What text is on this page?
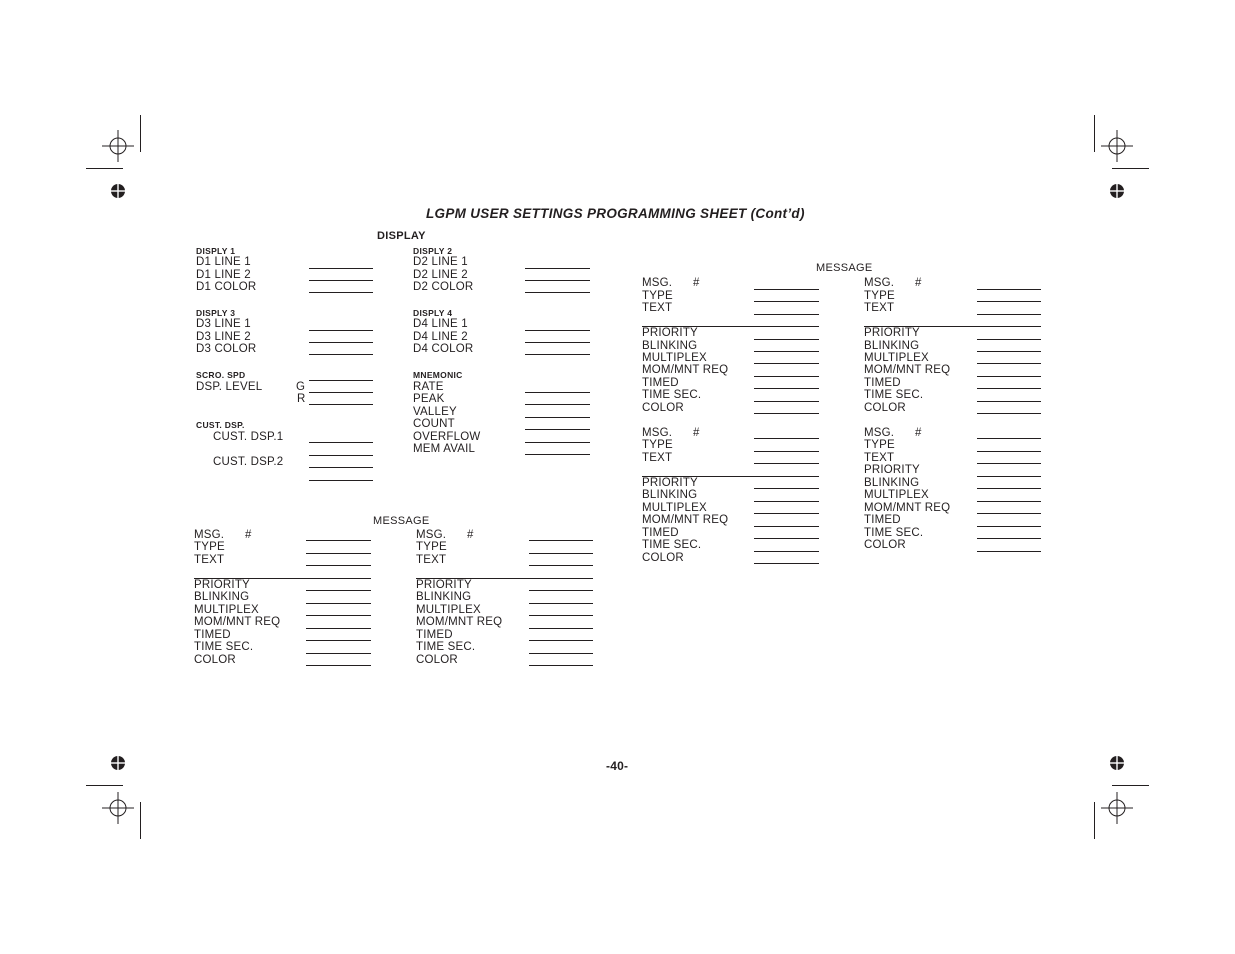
LGPM USER SETTINGS PROGRAMMING SHEET (Cont’d)
DISPLAY
DISPLY 1
D1 LINE 1
D1 LINE 2
D1 COLOR
DISPLY 2
D2 LINE 1
D2 LINE 2
D2 COLOR
DISPLY 3
D3 LINE 1
D3 LINE 2
D3 COLOR
DISPLY 4
D4 LINE 1
D4 LINE 2
D4 COLOR
SCRO. SPD
DSP. LEVEL	G
R
MNEMONIC
RATE
PEAK
VALLEY
COUNT
OVERFLOW
MEM AVAIL
CUST. DSP.
CUST. DSP.1
CUST. DSP.2
MESSAGE
MSG. #
TYPE
TEXT
PRIORITY
BLINKING
MULTIPLEX
MOM/MNT REQ
TIMED
TIME SEC.
COLOR
MSG. #
TYPE
TEXT
PRIORITY
BLINKING
MULTIPLEX
MOM/MNT REQ
TIMED
TIME SEC.
COLOR
MESSAGE
MSG. #
TYPE
TEXT
PRIORITY
BLINKING
MULTIPLEX
MOM/MNT REQ
TIMED
TIME SEC.
COLOR
MSG. #
TYPE
TEXT
PRIORITY
BLINKING
MULTIPLEX
MOM/MNT REQ
TIMED
TIME SEC.
COLOR
MSG. #
TYPE
TEXT
PRIORITY
BLINKING
MULTIPLEX
MOM/MNT REQ
TIMED
TIME SEC.
COLOR
MSG. #
TYPE
TEXT
PRIORITY
BLINKING
MULTIPLEX
MOM/MNT REQ
TIMED
TIME SEC.
COLOR
-40-
